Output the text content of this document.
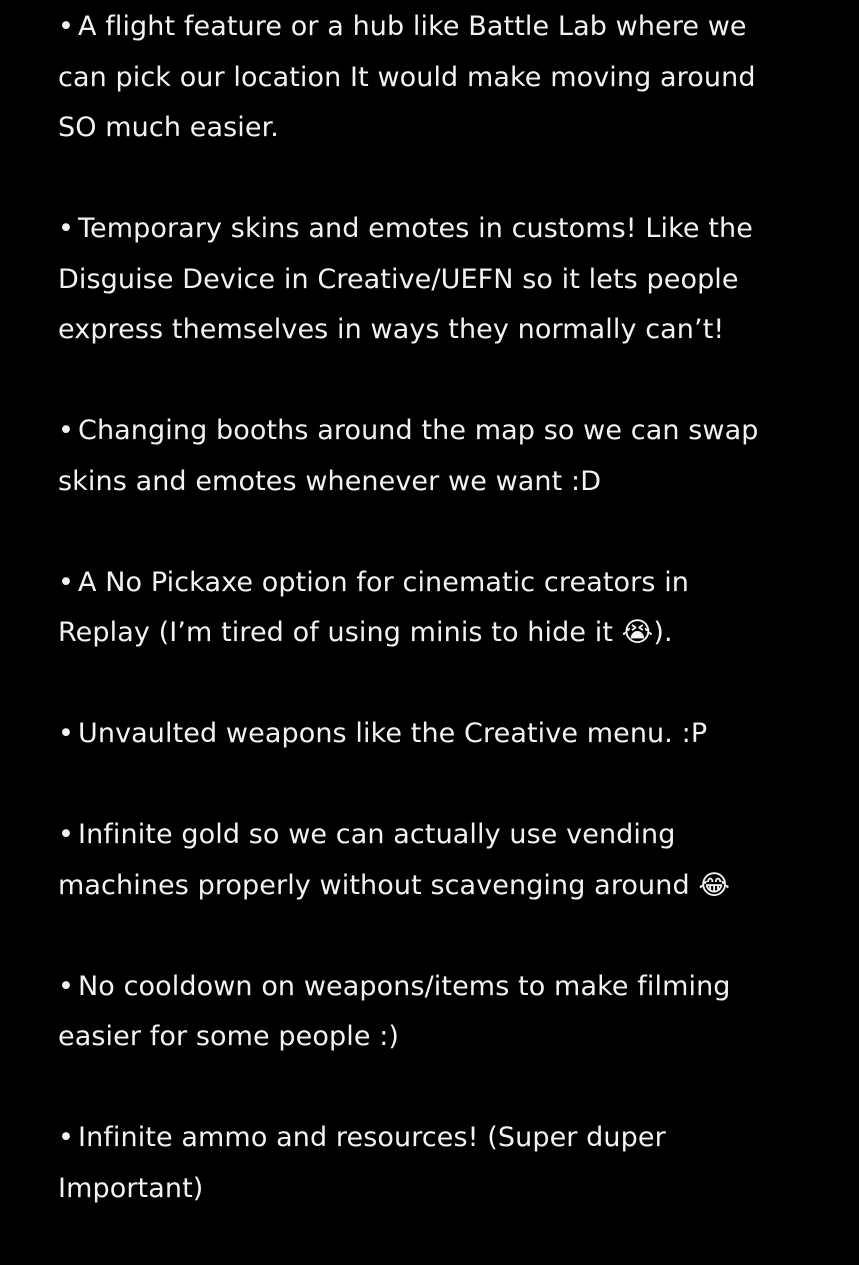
• A flight feature or a hub like Battle Lab where we
can pick our location It would make moving around
SO much easier.
• Temporary skins and emotes in customs! Like the
Disguise Device in Creative/UEFN so it lets people
express themselves in ways they normally can’t!
• Changing booths around the map so we can swap
skins and emotes whenever we want :D
• A No Pickaxe option for cinematic creators in
Replay (I’m tired of using minis to hide it 😭).
• Unvaulted weapons like the Creative menu. :P
• Infinite gold so we can actually use vending
machines properly without scavenging around 😂
• No cooldown on weapons/items to make filming
easier for some people :)
• Infinite ammo and resources! (Super duper
Important)
